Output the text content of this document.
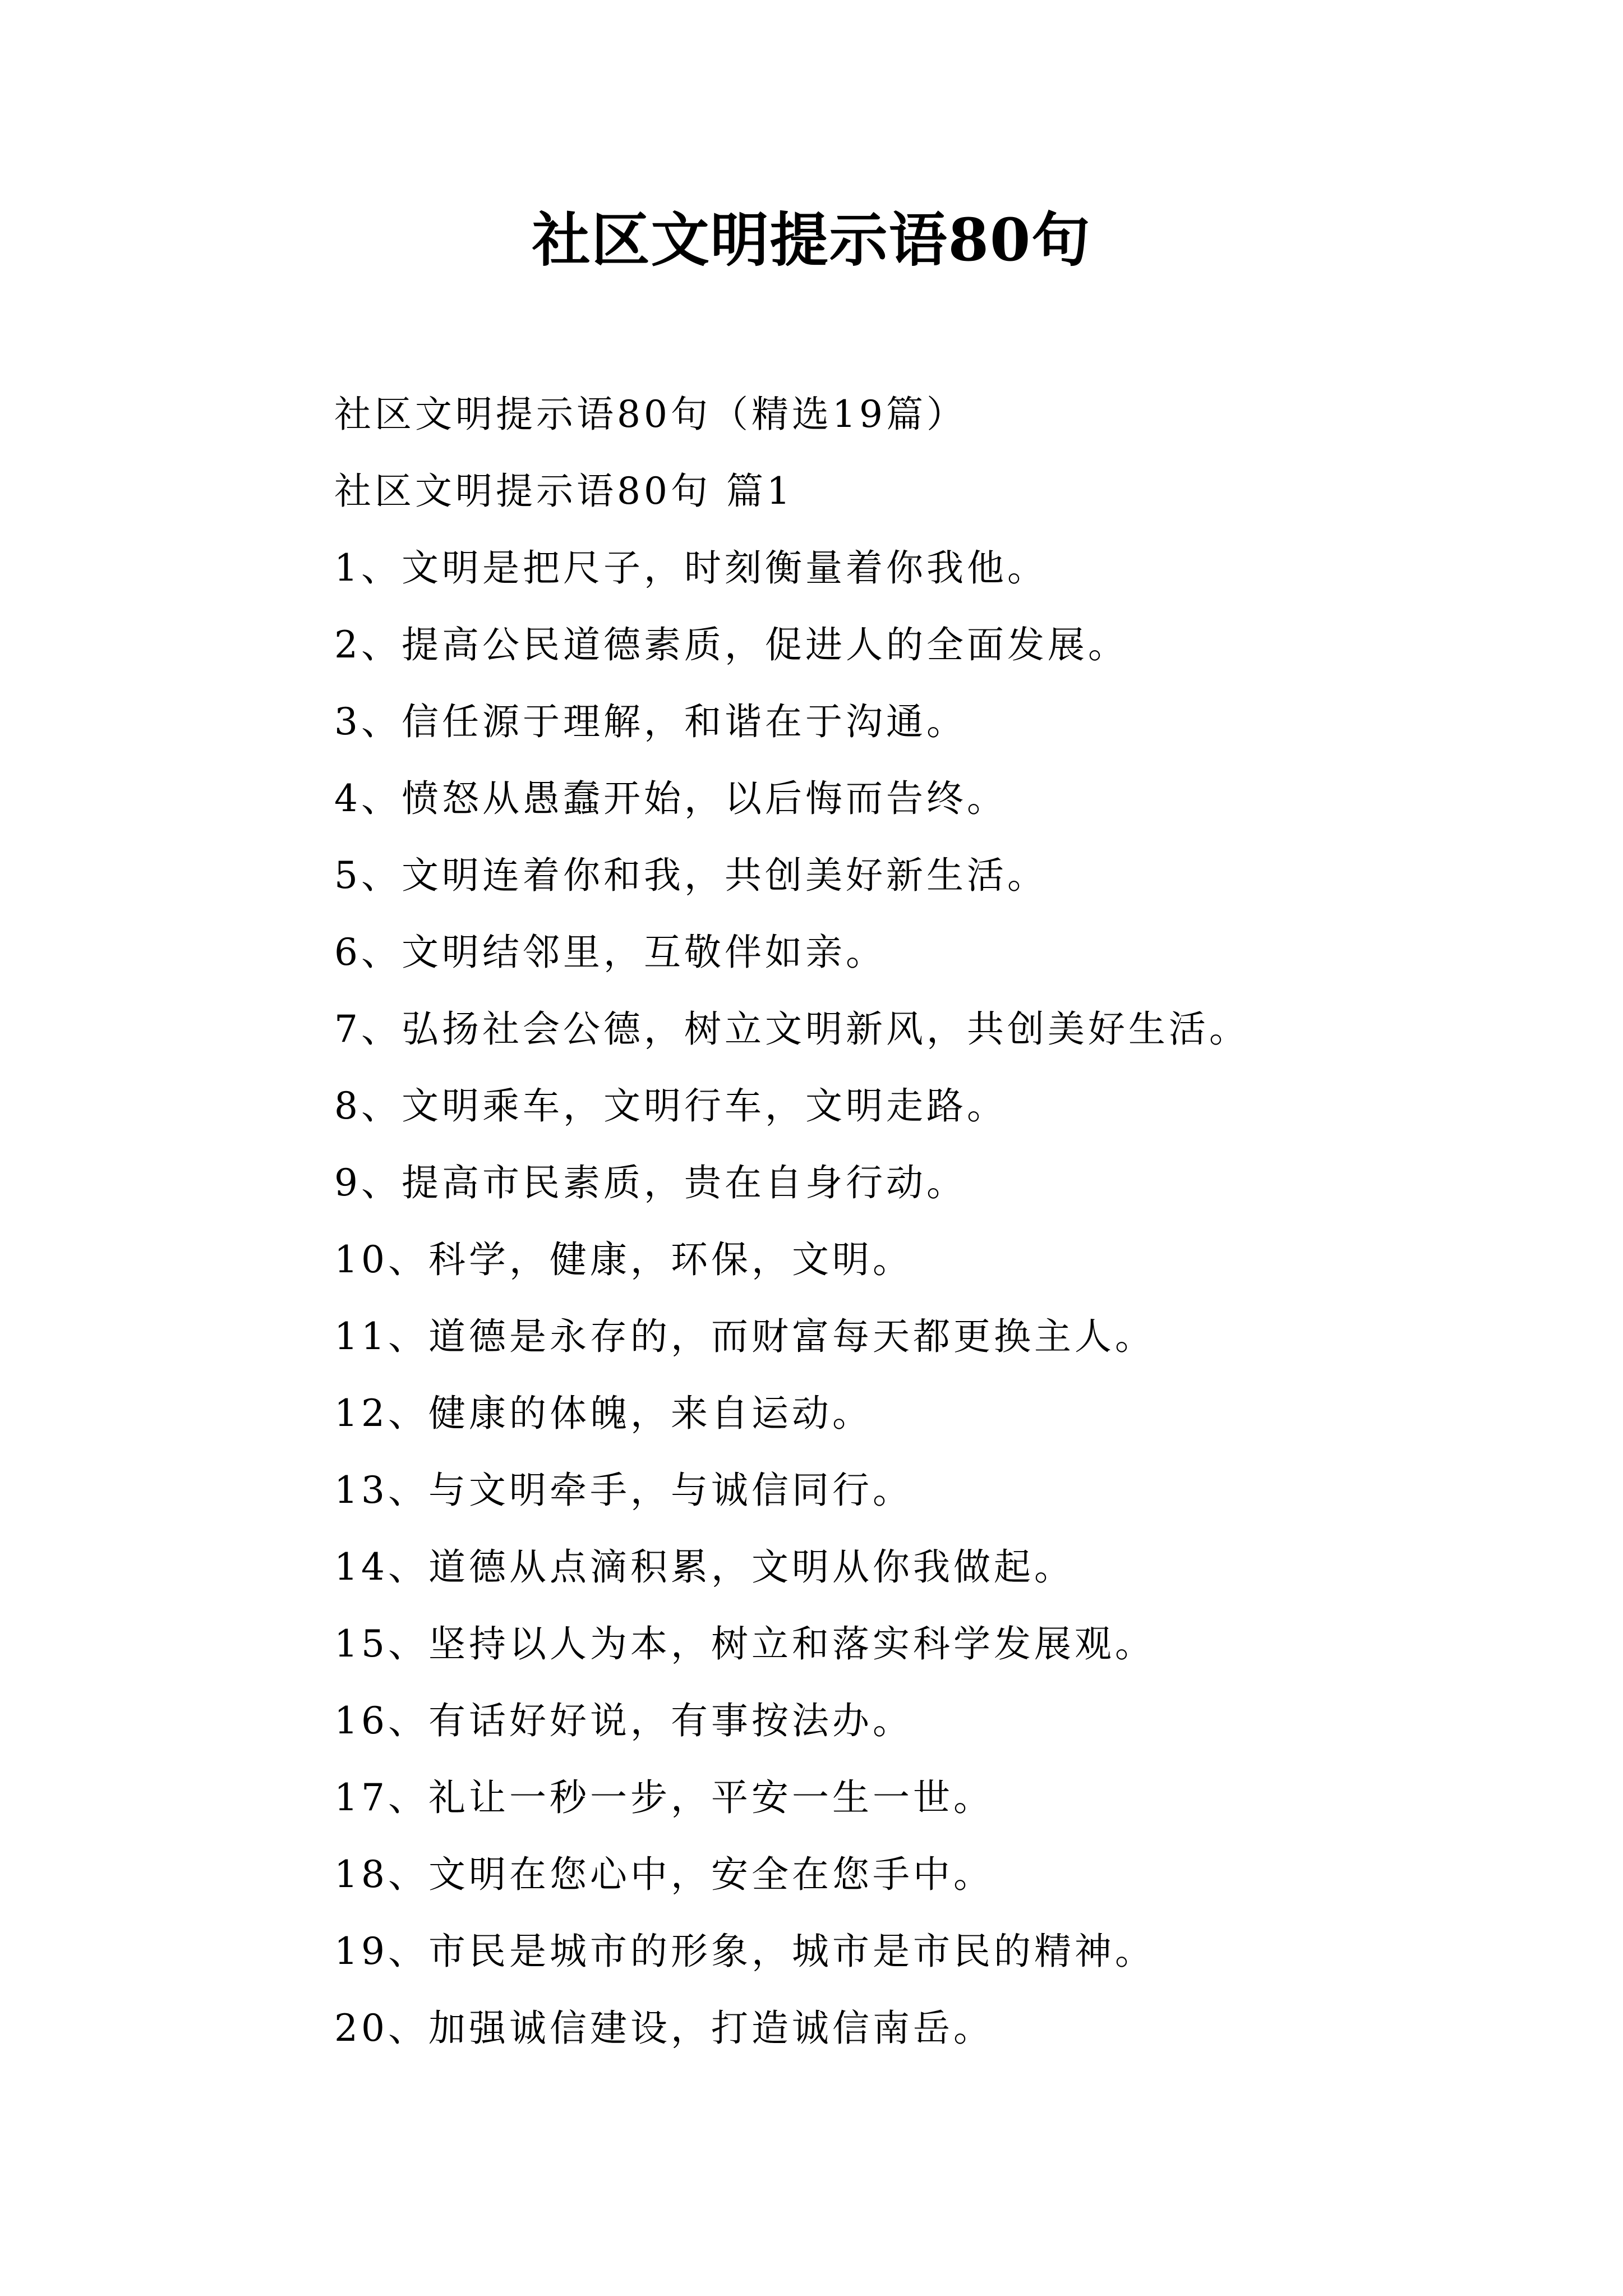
社区文明提示语80句
社区文明提示语80句（精选19篇）
社区文明提示语80句 篇1
1、文明是把尺子，时刻衡量着你我他。
2、提高公民道德素质，促进人的全面发展。
3、信任源于理解，和谐在于沟通。
4、愤怒从愚蠢开始，以后悔而告终。
5、文明连着你和我，共创美好新生活。
6、文明结邻里，互敬伴如亲。
7、弘扬社会公德，树立文明新风，共创美好生活。
8、文明乘车，文明行车，文明走路。
9、提高市民素质，贵在自身行动。
10、科学，健康，环保，文明。
11、道德是永存的，而财富每天都更换主人。
12、健康的体魄，来自运动。
13、与文明牵手，与诚信同行。
14、道德从点滴积累，文明从你我做起。
15、坚持以人为本，树立和落实科学发展观。
16、有话好好说，有事按法办。
17、礼让一秒一步，平安一生一世。
18、文明在您心中，安全在您手中。
19、市民是城市的形象，城市是市民的精神。
20、加强诚信建设，打造诚信南岳。
